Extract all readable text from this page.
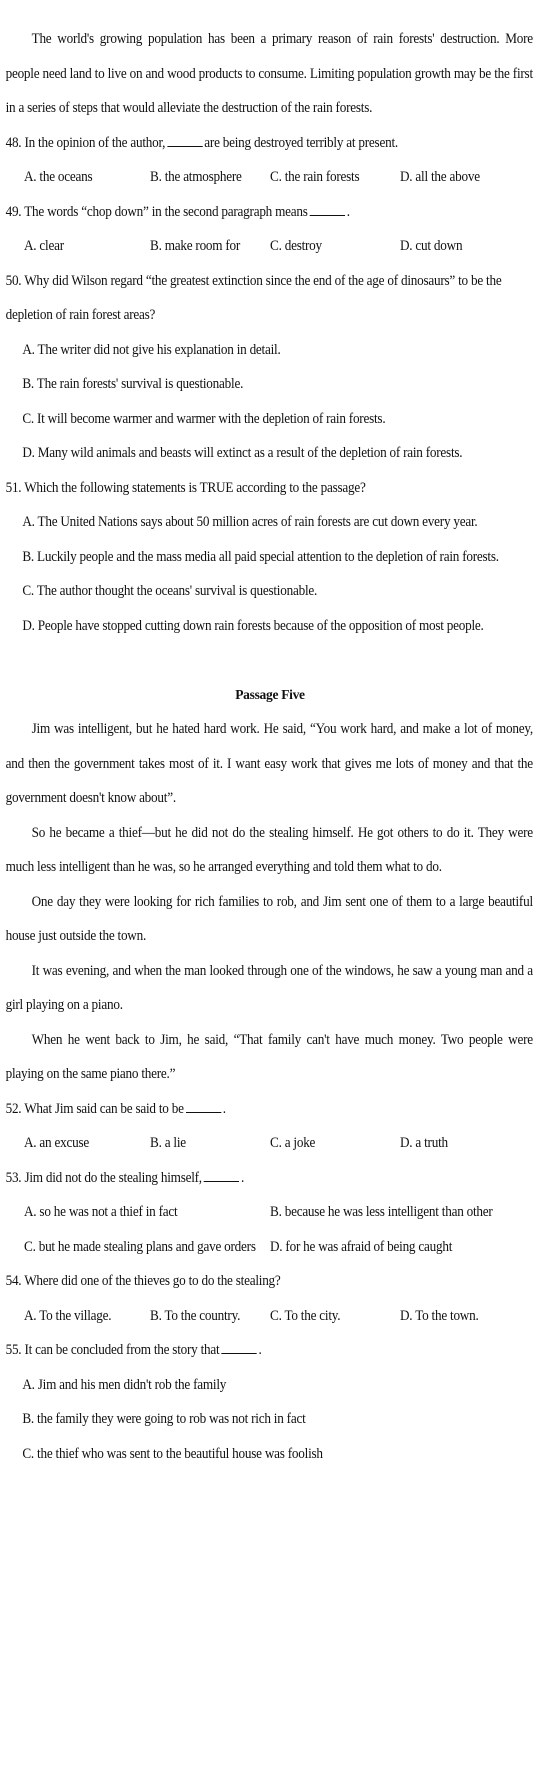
The world's growing population has been a primary reason of rain forests' destruction. More people need land to live on and wood products to consume. Limiting population growth may be the first in a series of steps that would alleviate the destruction of the rain forests.

48. In the opinion of the author,	are being destroyed terribly at present.

A. the oceans	B. the atmosphere C. the rain forests	D. all the above

49. The words “chop down” in the second paragraph means	.

A. clear	B. make room for C. destroy	D. cut down

50. Why did Wilson regard “the greatest extinction since the end of the age of dinosaurs” to be the depletion of rain forest areas?

A. The writer did not give his explanation in detail.

B. The rain forests' survival is questionable.

C. It will become warmer and warmer with the depletion of rain forests.

D. Many wild animals and beasts will extinct as a result of the depletion of rain forests.

51. Which the following statements is TRUE according to the passage?

A. The United Nations says about 50 million acres of rain forests are cut down every year.

B. Luckily people and the mass media all paid special attention to the depletion of rain forests.

C. The author thought the oceans' survival is questionable.

D. People have stopped cutting down rain forests because of the opposition of most people.

Passage Five

Jim was intelligent, but he hated hard work. He said, “You work hard, and make a lot of money, and then the government takes most of it. I want easy work that gives me lots of money and that the government doesn't know about”.

So he became a thief—but he did not do the stealing himself. He got others to do it. They were much less intelligent than he was, so he arranged everything and told them what to do.

One day they were looking for rich families to rob, and Jim sent one of them to a large beautiful house just outside the town.

It was evening, and when the man looked through one of the windows, he saw a young man and a girl playing on a piano.

When he went back to Jim, he said, “That family can't have much money. Two people were playing on the same piano there.”

52. What Jim said can be said to be	.

A. an excuse	B. a lie	C. a joke	D. a truth

53. Jim did not do the stealing himself,	.

A. so he was not a thief in fact	B. because he was less intelligent than other
C. but he made stealing plans and gave orders D. for he was afraid of being caught

54. Where did one of the thieves go to do the stealing?

A. To the village.	B. To the country. C. To the city.	D. To the town.

55. It can be concluded from the story that	.

A. Jim and his men didn't rob the family

B. the family they were going to rob was not rich in fact

C. the thief who was sent to the beautiful house was foolish
